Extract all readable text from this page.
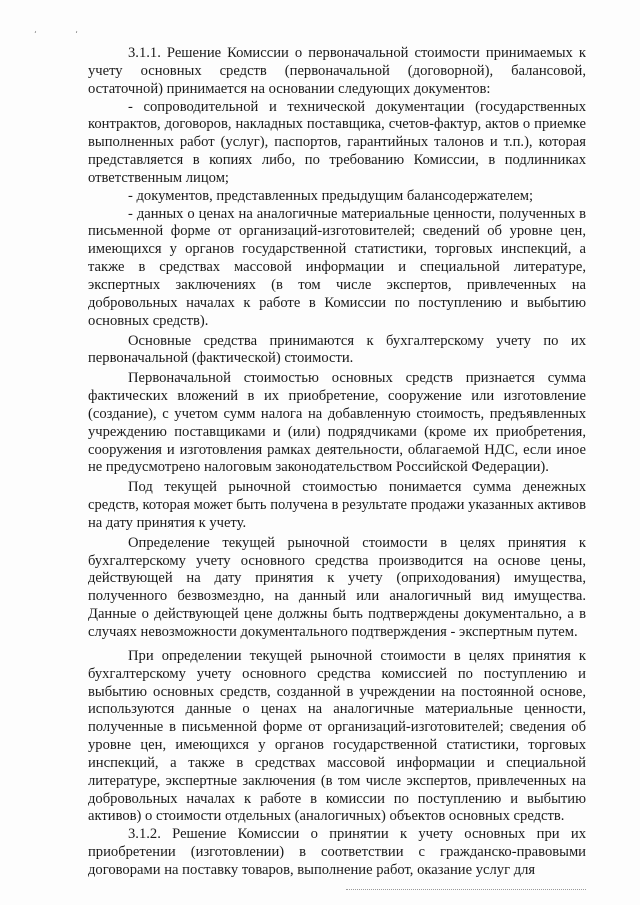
‘ ‘

3.1.1. Решение Комиссии о первоначальной стоимости принимаемых к учету основных средств (первоначальной (договорной), балансовой, остаточной) принимается на основании следующих документов:

- сопроводительной и технической документации (государственных контрактов, договоров, накладных поставщика, счетов-фактур, актов о приемке выполненных работ (услуг), паспортов, гарантийных талонов и т.п.), которая представляется в копиях либо, по требованию Комиссии, в подлинниках ответственным лицом;

- документов, представленных предыдущим балансодержателем;

- данных о ценах на аналогичные материальные ценности, полученных в письменной форме от организаций-изготовителей; сведений об уровне цен, имеющихся у органов государственной статистики, торговых инспекций, а также в средствах массовой информации и специальной литературе, экспертных заключениях (в том числе экспертов, привлеченных на добровольных началах к работе в Комиссии по поступлению и выбытию основных средств).

Основные средства принимаются к бухгалтерскому учету по их первоначальной (фактической) стоимости.

Первоначальной стоимостью основных средств признается сумма фактических вложений в их приобретение, сооружение или изготовление (создание), с учетом сумм налога на добавленную стоимость, предъявленных учреждению поставщиками и (или) подрядчиками (кроме их приобретения, сооружения и изготовления рамках деятельности, облагаемой НДС, если иное не предусмотрено налоговым законодательством Российской Федерации).

Под текущей рыночной стоимостью понимается сумма денежных средств, которая может быть получена в результате продажи указанных активов на дату принятия к учету.

Определение текущей рыночной стоимости в целях принятия к бухгалтерскому учету основного средства производится на основе цены, действующей на дату принятия к учету (оприходования) имущества, полученного безвозмездно, на данный или аналогичный вид имущества. Данные о действующей цене должны быть подтверждены документально, а в случаях невозможности документального подтверждения - экспертным путем.

При определении текущей рыночной стоимости в целях принятия к бухгалтерскому учету основного средства комиссией по поступлению и выбытию основных средств, созданной в учреждении на постоянной основе, используются данные о ценах на аналогичные материальные ценности, полученные в письменной форме от организаций-изготовителей; сведения об уровне цен, имеющихся у органов государственной статистики, торговых инспекций, а также в средствах массовой информации и специальной литературе, экспертные заключения (в том числе экспертов, привлеченных на добровольных началах к работе в комиссии по поступлению и выбытию активов) о стоимости отдельных (аналогичных) объектов основных средств.

3.1.2. Решение Комиссии о принятии к учету основных при их приобретении (изготовлении) в соответствии с гражданско-правовыми договорами на поставку товаров, выполнение работ, оказание услуг для
